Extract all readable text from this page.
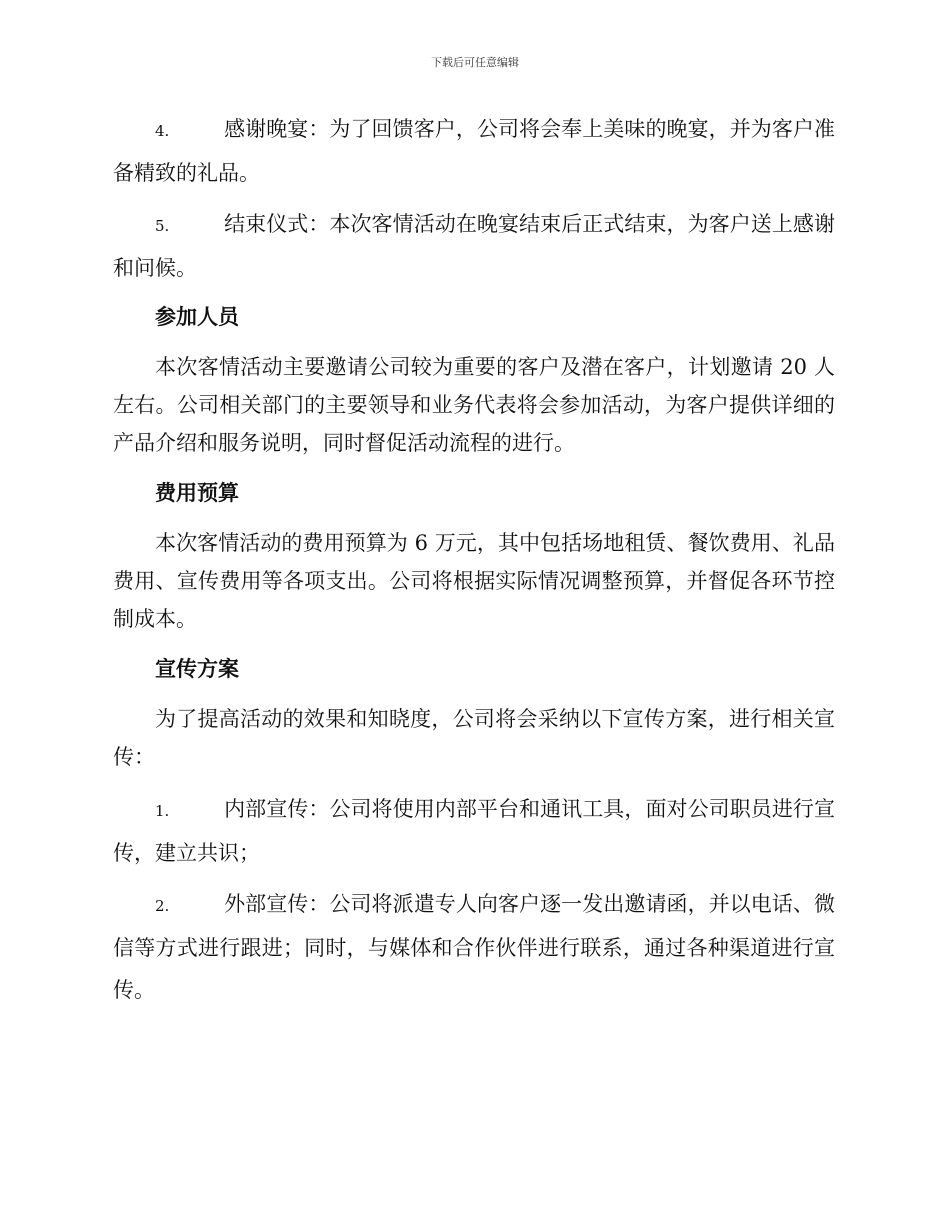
下载后可任意编辑

4.	感谢晚宴：为了回馈客户，公司将会奉上美味的晚宴，并为客户准备精致的礼品。

5.	结束仪式：本次客情活动在晚宴结束后正式结束，为客户送上感谢和问候。

参加人员

本次客情活动主要邀请公司较为重要的客户及潜在客户，计划邀请 20 人左右。公司相关部门的主要领导和业务代表将会参加活动，为客户提供详细的产品介绍和服务说明，同时督促活动流程的进行。

费用预算

本次客情活动的费用预算为 6 万元，其中包括场地租赁、餐饮费用、礼品费用、宣传费用等各项支出。公司将根据实际情况调整预算，并督促各环节控制成本。

宣传方案

为了提高活动的效果和知晓度，公司将会采纳以下宣传方案，进行相关宣传：

1.	内部宣传：公司将使用内部平台和通讯工具，面对公司职员进行宣传，建立共识；

2.	外部宣传：公司将派遣专人向客户逐一发出邀请函，并以电话、微信等方式进行跟进；同时，与媒体和合作伙伴进行联系，通过各种渠道进行宣传。
